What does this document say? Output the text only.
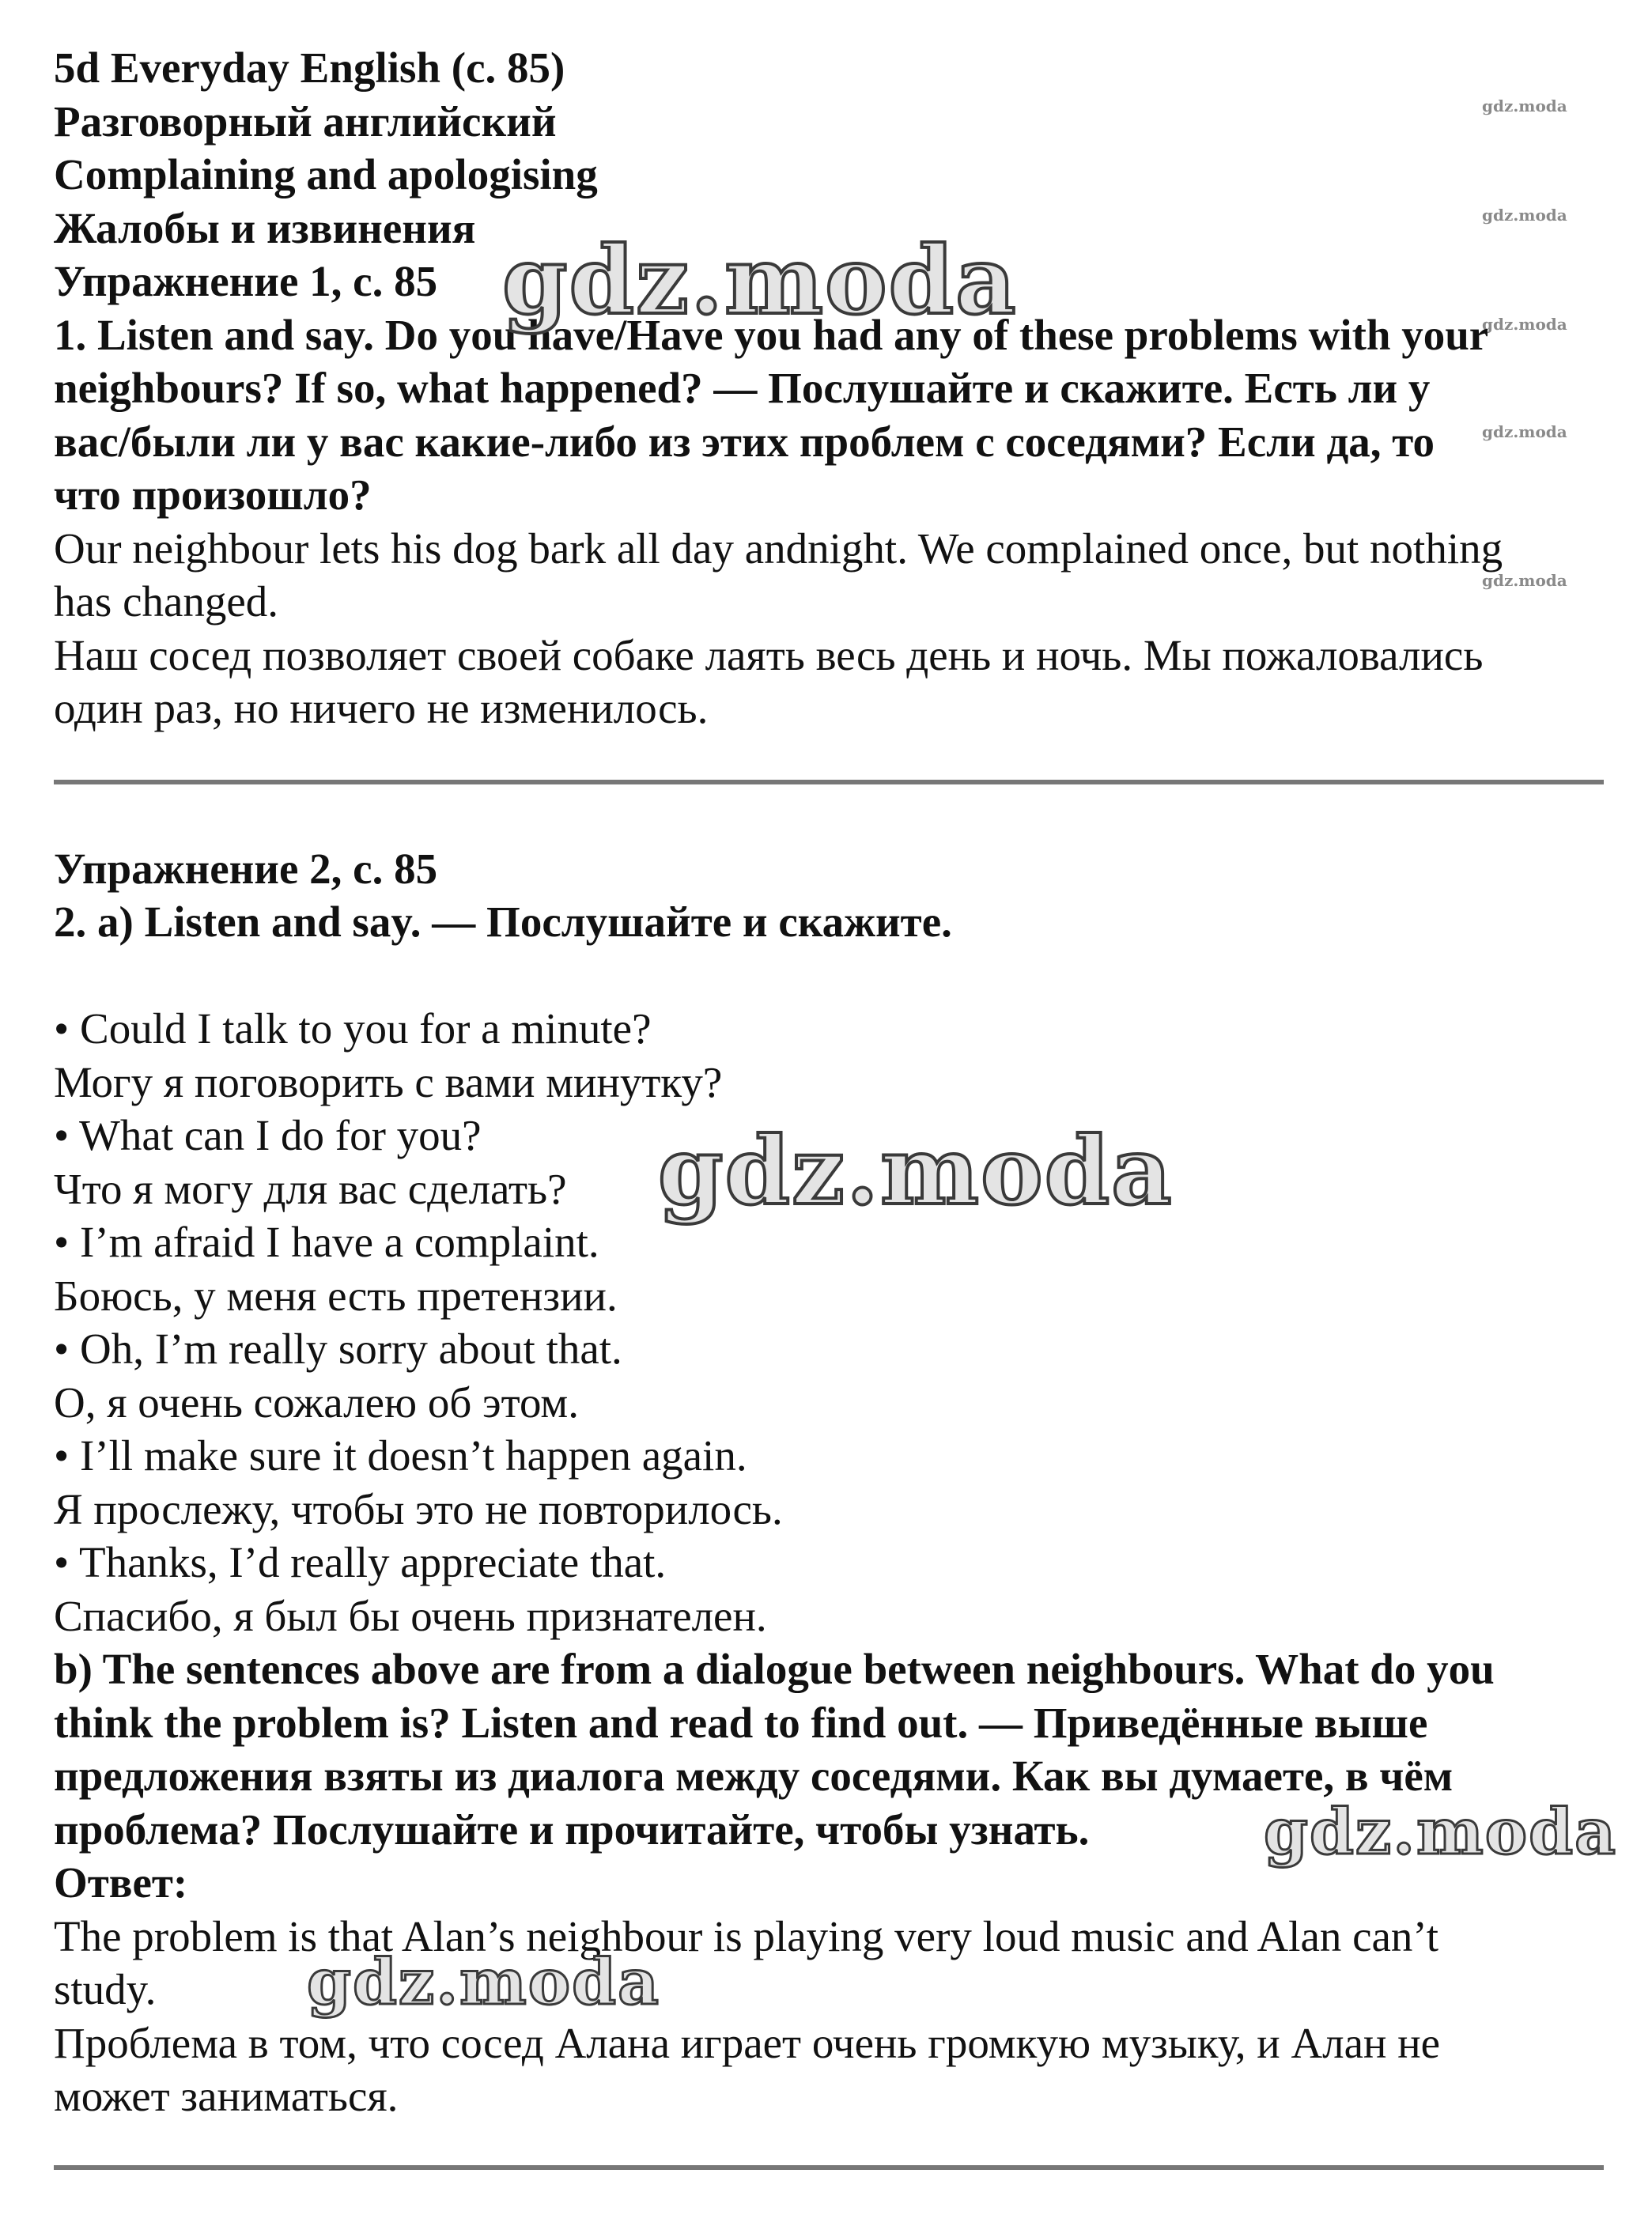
gdz.moda
gdz.moda
gdz.moda
gdz.moda
gdz.moda
5d Everyday English (с. 85)
Разговорный английский
Complaining and apologising
Жалобы и извинения
Упражнение 1, с. 85
1. Listen and say. Do you have/Have you had any of these problems with your
neighbours? If so, what happened? — Послушайте и скажите. Есть ли у
вас/были ли у вас какие-либо из этих проблем с соседями? Если да, то
что произошло?
Our neighbour lets his dog bark all day andnight. We complained once, but nothing
has changed.
Наш сосед позволяет своей собаке лаять весь день и ночь. Мы пожаловались
один раз, но ничего не изменилось.
Упражнение 2, с. 85
2. a) Listen and say. — Послушайте и скажите.
• Could I talk to you for a minute?
Могу я поговорить с вами минутку?
• What can I do for you?
Что я могу для вас сделать?
• I’m afraid I have a complaint.
Боюсь, у меня есть претензии.
• Oh, I’m really sorry about that.
О, я очень сожалею об этом.
• I’ll make sure it doesn’t happen again.
Я прослежу, чтобы это не повторилось.
• Thanks, I’d really appreciate that.
Спасибо, я был бы очень признателен.
b) The sentences above are from a dialogue between neighbours. What do you
think the problem is? Listen and read to find out. — Приведённые выше
предложения взяты из диалога между соседями. Как вы думаете, в чём
проблема? Послушайте и прочитайте, чтобы узнать.
Ответ:
The problem is that Alan’s neighbour is playing very loud music and Alan can’t
study.
Проблема в том, что сосед Алана играет очень громкую музыку, и Алан не
может заниматься.
gdz.moda
gdz.moda
gdz.moda
gdz.moda
